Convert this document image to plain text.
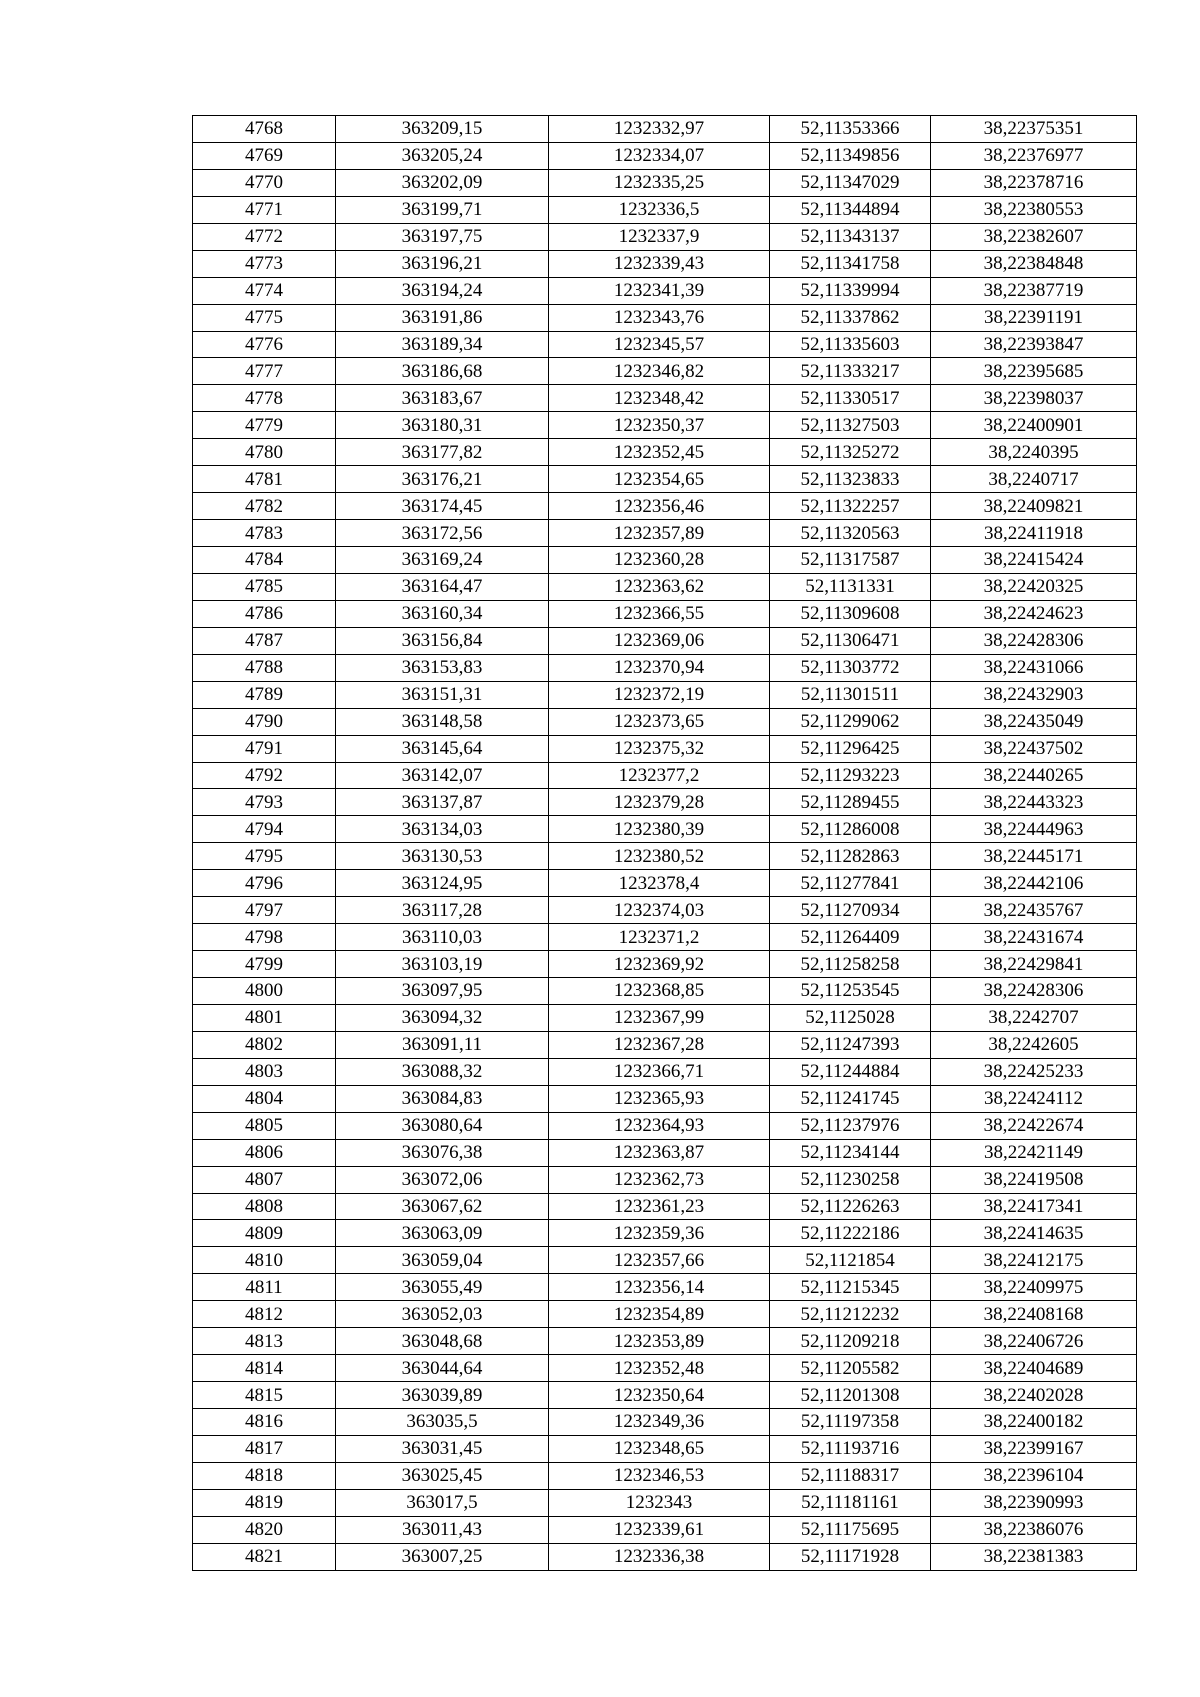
4768	363209,15	1232332,97	52,11353366	38,22375351
4769	363205,24	1232334,07	52,11349856	38,22376977
4770	363202,09	1232335,25	52,11347029	38,22378716
4771	363199,71	1232336,5	52,11344894	38,22380553
4772	363197,75	1232337,9	52,11343137	38,22382607
4773	363196,21	1232339,43	52,11341758	38,22384848
4774	363194,24	1232341,39	52,11339994	38,22387719
4775	363191,86	1232343,76	52,11337862	38,22391191
4776	363189,34	1232345,57	52,11335603	38,22393847
4777	363186,68	1232346,82	52,11333217	38,22395685
4778	363183,67	1232348,42	52,11330517	38,22398037
4779	363180,31	1232350,37	52,11327503	38,22400901
4780	363177,82	1232352,45	52,11325272	38,2240395
4781	363176,21	1232354,65	52,11323833	38,2240717
4782	363174,45	1232356,46	52,11322257	38,22409821
4783	363172,56	1232357,89	52,11320563	38,22411918
4784	363169,24	1232360,28	52,11317587	38,22415424
4785	363164,47	1232363,62	52,1131331	38,22420325
4786	363160,34	1232366,55	52,11309608	38,22424623
4787	363156,84	1232369,06	52,11306471	38,22428306
4788	363153,83	1232370,94	52,11303772	38,22431066
4789	363151,31	1232372,19	52,11301511	38,22432903
4790	363148,58	1232373,65	52,11299062	38,22435049
4791	363145,64	1232375,32	52,11296425	38,22437502
4792	363142,07	1232377,2	52,11293223	38,22440265
4793	363137,87	1232379,28	52,11289455	38,22443323
4794	363134,03	1232380,39	52,11286008	38,22444963
4795	363130,53	1232380,52	52,11282863	38,22445171
4796	363124,95	1232378,4	52,11277841	38,22442106
4797	363117,28	1232374,03	52,11270934	38,22435767
4798	363110,03	1232371,2	52,11264409	38,22431674
4799	363103,19	1232369,92	52,11258258	38,22429841
4800	363097,95	1232368,85	52,11253545	38,22428306
4801	363094,32	1232367,99	52,1125028	38,2242707
4802	363091,11	1232367,28	52,11247393	38,2242605
4803	363088,32	1232366,71	52,11244884	38,22425233
4804	363084,83	1232365,93	52,11241745	38,22424112
4805	363080,64	1232364,93	52,11237976	38,22422674
4806	363076,38	1232363,87	52,11234144	38,22421149
4807	363072,06	1232362,73	52,11230258	38,22419508
4808	363067,62	1232361,23	52,11226263	38,22417341
4809	363063,09	1232359,36	52,11222186	38,22414635
4810	363059,04	1232357,66	52,1121854	38,22412175
4811	363055,49	1232356,14	52,11215345	38,22409975
4812	363052,03	1232354,89	52,11212232	38,22408168
4813	363048,68	1232353,89	52,11209218	38,22406726
4814	363044,64	1232352,48	52,11205582	38,22404689
4815	363039,89	1232350,64	52,11201308	38,22402028
4816	363035,5	1232349,36	52,11197358	38,22400182
4817	363031,45	1232348,65	52,11193716	38,22399167
4818	363025,45	1232346,53	52,11188317	38,22396104
4819	363017,5	1232343	52,11181161	38,22390993
4820	363011,43	1232339,61	52,11175695	38,22386076
4821	363007,25	1232336,38	52,11171928	38,22381383
